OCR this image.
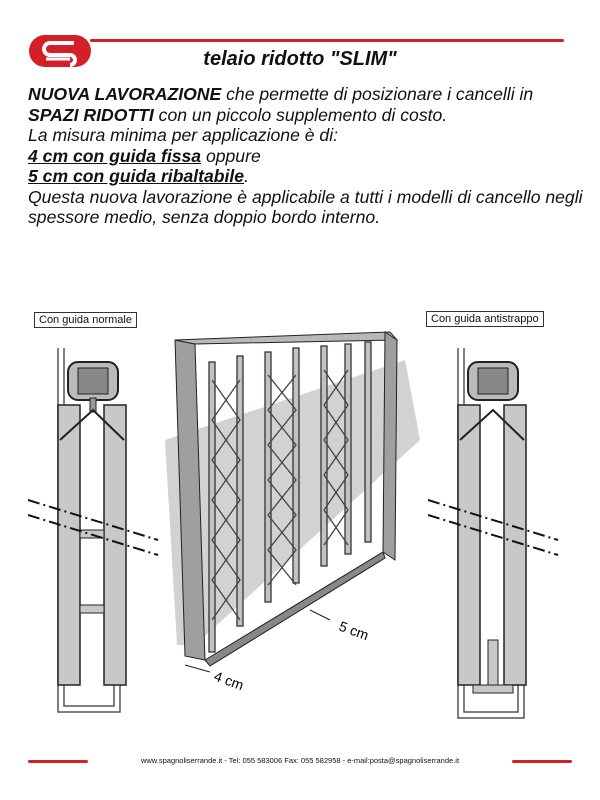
telaio ridotto "SLIM"

NUOVA LAVORAZIONE che permette di posizionare i cancelli in SPAZI RIDOTTI con un piccolo supplemento di costo.

La misura minima per applicazione è di:

4 cm con guida fissa oppure

5 cm con guida ribaltabile.

Questa nuova lavorazione è applicabile a tutti i modelli di cancello negli spessore medio, senza doppio bordo interno.

Con guida normale	Con guida antistrappo
5 cm
4 cm
www.spagnoliserrande.it - Tel: 055 583006 Fax: 055 582958 - e-mail:posta@spagnoliserrande.it
